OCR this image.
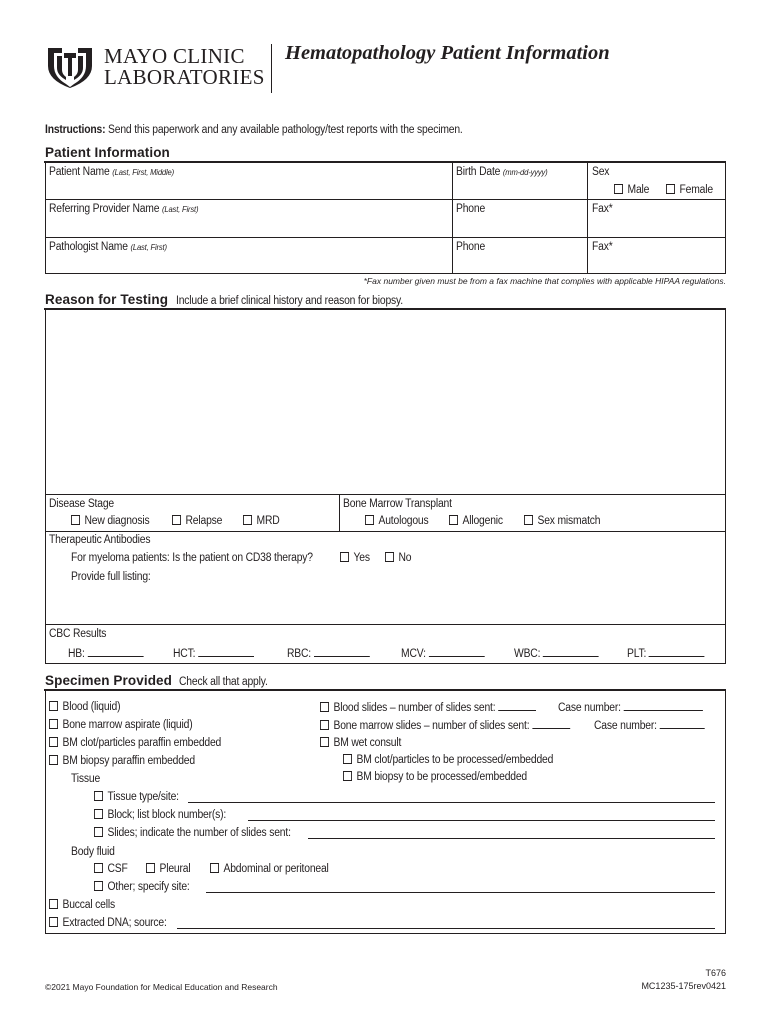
MAYO CLINIC
LABORATORIES
Hematopathology Patient Information
Instructions: Send this paperwork and any available pathology/test reports with the specimen.
Patient Information
Patient Name (Last, First, Middle)	Birth Date (mm-dd-yyyy)	Sex
Male	Female
Referring Provider Name (Last, First)	Phone	Fax*
Pathologist Name (Last, First)	Phone	Fax*
*Fax number given must be from a fax machine that complies with applicable HIPAA regulations.
Reason for Testing Include a brief clinical history and reason for biopsy.
Disease Stage
New diagnosis	Relapse	MRD
Bone Marrow Transplant
Autologous	Allogenic	Sex mismatch
Therapeutic Antibodies
For myeloma patients: Is the patient on CD38 therapy?	Yes	No
Provide full listing:
CBC Results
HB:	HCT:	RBC:	MCV:	WBC:	PLT:
Specimen Provided Check all that apply.
Blood (liquid)
Bone marrow aspirate (liquid)
BM clot/particles paraffin embedded
BM biopsy paraffin embedded
Tissue
Blood slides – number of slides sent:	Case number:
Bone marrow slides – number of slides sent:	Case number:
BM wet consult
BM clot/particles to be processed/embedded
BM biopsy to be processed/embedded
Tissue type/site:
Block; list block number(s):
Slides; indicate the number of slides sent:
Body fluid
CSF	Pleural	Abdominal or peritoneal
Other; specify site:
Buccal cells
Extracted DNA; source:
©2021 Mayo Foundation for Medical Education and Research
T676
MC1235-175rev0421
